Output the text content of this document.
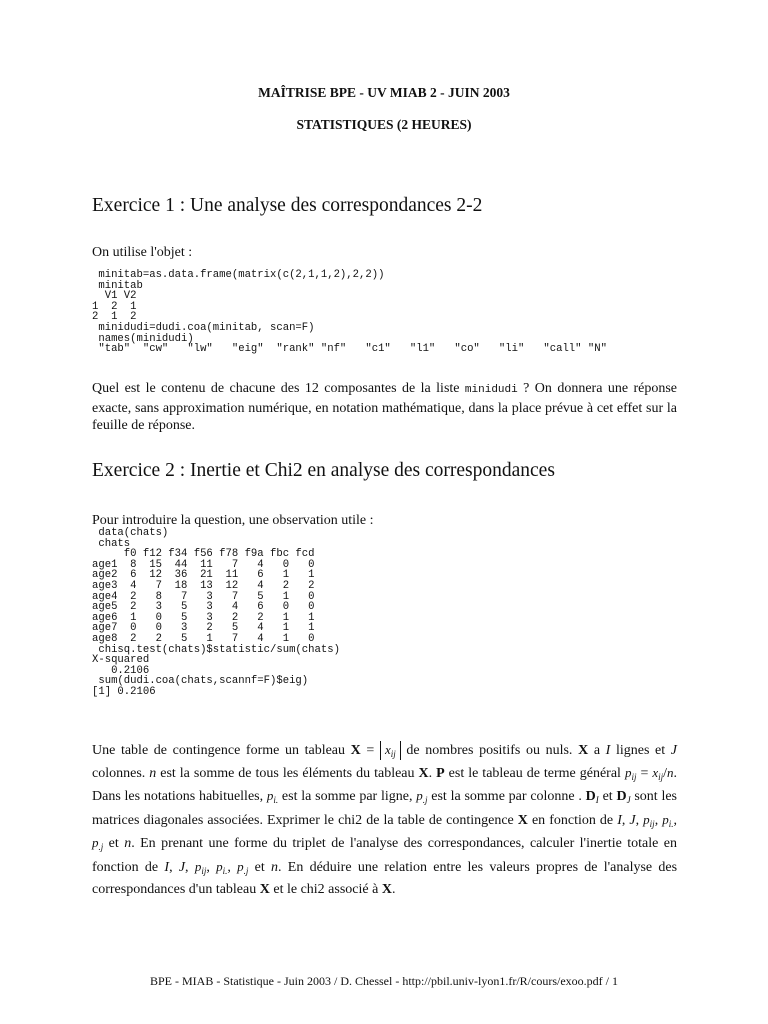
MAÎTRISE BPE - UV MIAB 2 - JUIN 2003
STATISTIQUES (2 HEURES)
Exercice 1 : Une analyse des correspondances 2-2
On utilise l'objet :
minitab=as.data.frame(matrix(c(2,1,1,2),2,2))
minitab
V1 V2
1  2  1
2  1  2
minidudi=dudi.coa(minitab, scan=F)
names(minidudi)
"tab"  "cw"   "lw"   "eig"  "rank" "nf"   "c1"   "l1"   "co"   "li"   "call" "N"
Quel est le contenu de chacune des 12 composantes de la liste minidudi ? On donnera une réponse exacte, sans approximation numérique, en notation mathématique, dans la place prévue à cet effet sur la feuille de réponse.
Exercice 2 : Inertie et Chi2 en analyse des correspondances
Pour introduire la question, une observation utile :
data(chats)
chats
f0 f12 f34 f56 f78 f9a fbc fcd
age1  8  15  44  11   7   4   0   0
age2  6  12  36  21  11   6   1   1
age3  4   7  18  13  12   4   2   2
age4  2   8   7   3   7   5   1   0
age5  2   3   5   3   4   6   0   0
age6  1   0   5   3   2   2   1   1
age7  0   0   3   2   5   4   1   1
age8  2   2   5   1   7   4   1   0
chisq.test(chats)$statistic/sum(chats)
X-squared
0.2106
sum(dudi.coa(chats,scannf=F)$eig)
[1] 0.2106
Une table de contingence forme un tableau $X = x_{ij}$ de nombres positifs ou nuls. X a I lignes et J colonnes. n est la somme de tous les éléments du tableau X. P est le tableau de terme général $p_{ij} = x_{ij}/n$. Dans les notations habituelles, $p_{i.}$ est la somme par ligne, $p_{.j}$ est la somme par colonne . $D_I$ et $D_J$ sont les matrices diagonales associées. Exprimer le chi2 de la table de contingence X en fonction de I, J, $p_{ij}$, $p_{i.}$, $p_{.j}$ et n. En prenant une forme du triplet de l'analyse des correspondances, calculer l'inertie totale en fonction de I, J, $p_{ij}$, $p_{i.}$, $p_{.j}$ et n. En déduire une relation entre les valeurs propres de l'analyse des correspondances d'un tableau X et le chi2 associé à X.
BPE - MIAB - Statistique - Juin 2003 / D. Chessel - http://pbil.univ-lyon1.fr/R/cours/exoo.pdf / 1
